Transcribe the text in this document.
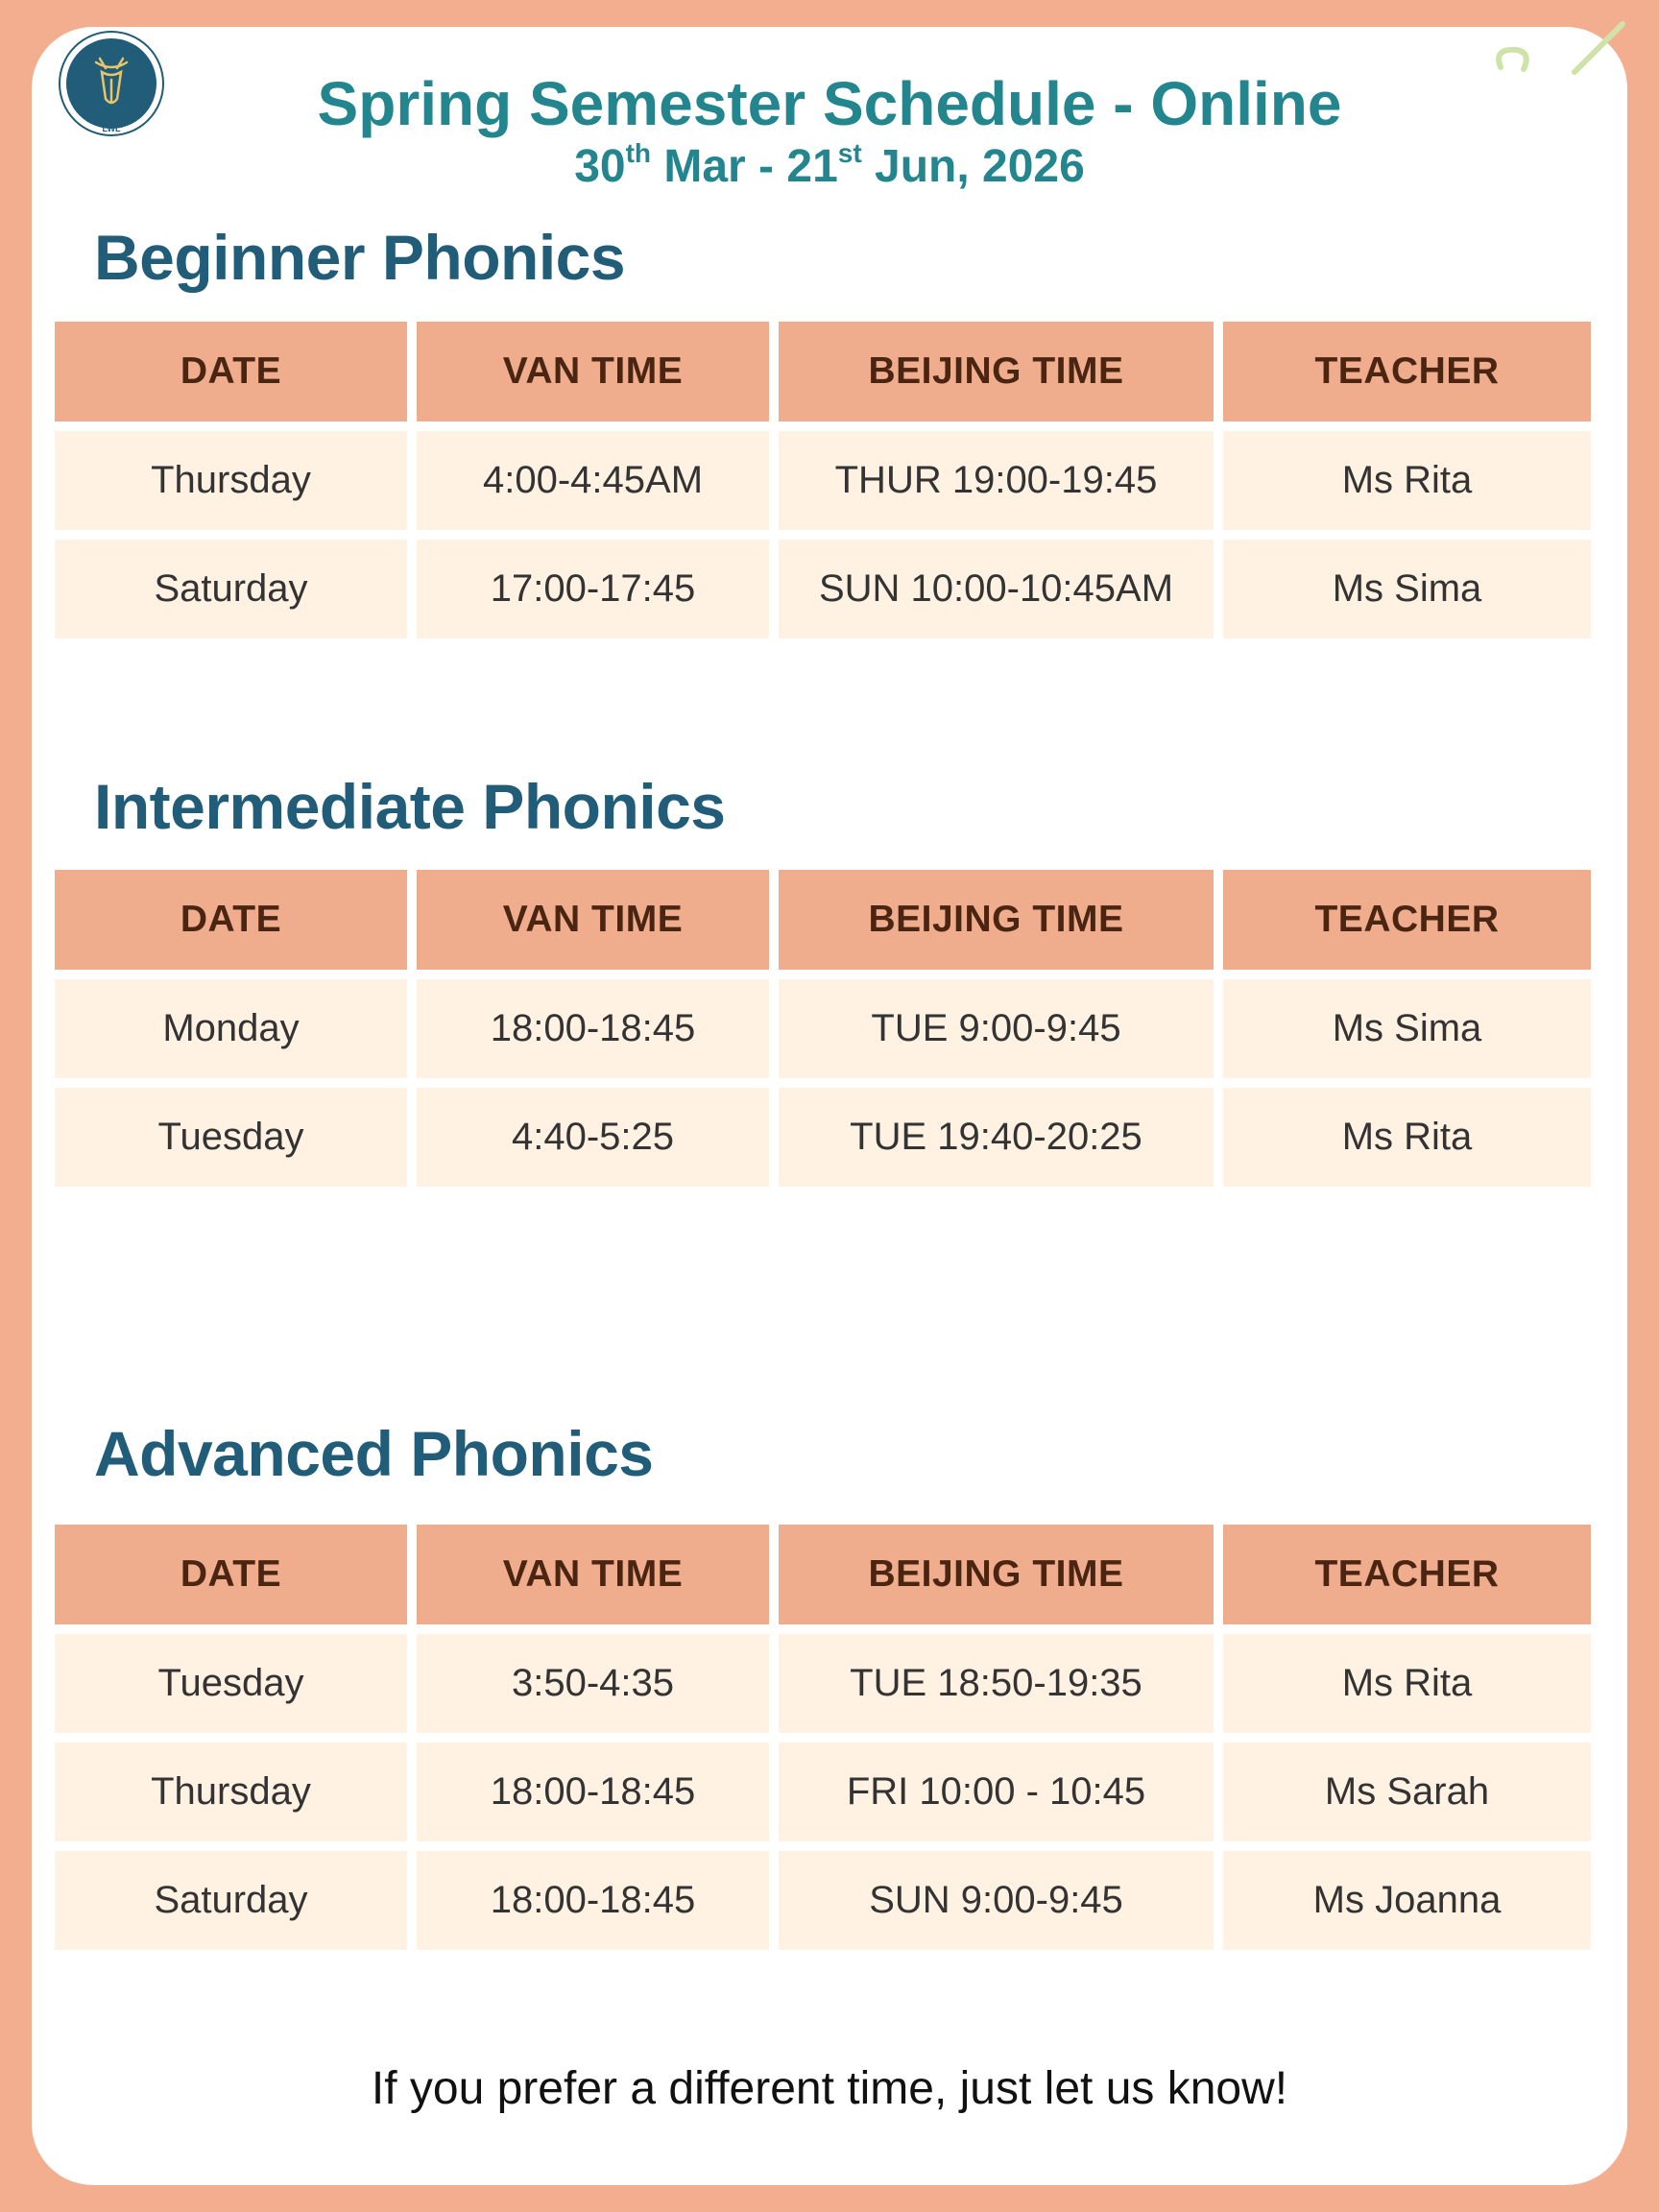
LWL	Spring Semester Schedule - Online
30th Mar - 21st Jun, 2026
Beginner Phonics
DATE	VAN TIME	BEIJING TIME	TEACHER
Thursday	4:00-4:45AM	THUR 19:00-19:45	Ms Rita
Saturday	17:00-17:45	SUN 10:00-10:45AM	Ms Sima
Intermediate Phonics
DATE	VAN TIME	BEIJING TIME	TEACHER
Monday	18:00-18:45	TUE 9:00-9:45	Ms Sima
Tuesday	4:40-5:25	TUE 19:40-20:25	Ms Rita
Advanced Phonics
DATE	VAN TIME	BEIJING TIME	TEACHER
Tuesday	3:50-4:35	TUE 18:50-19:35	Ms Rita
Thursday	18:00-18:45	FRI 10:00 - 10:45	Ms Sarah
Saturday	18:00-18:45	SUN 9:00-9:45	Ms Joanna

If you prefer a different time, just let us know!
